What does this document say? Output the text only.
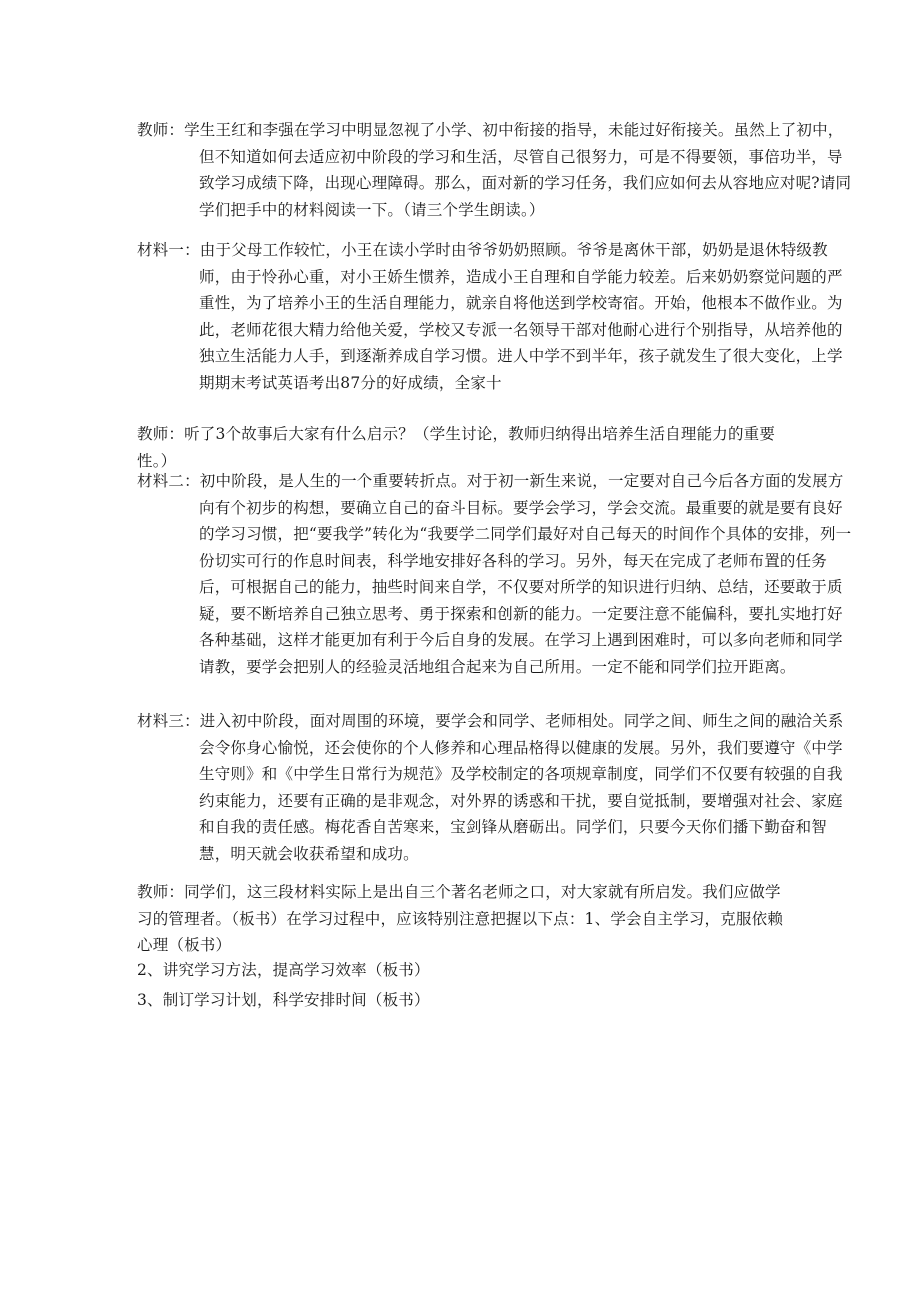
教师：学生王红和李强在学习中明显忽视了小学、初中衔接的指导，未能过好衔接关。虽然上了初中，但不知道如何去适应初中阶段的学习和生活，尽管自己很努力，可是不得要领，事倍功半，导致学习成绩下降，出现心理障碍。那么，面对新的学习任务，我们应如何去从容地应对呢?请同学们把手中的材料阅读一下。（请三个学生朗读。）

材料一：由于父母工作较忙，小王在读小学时由爷爷奶奶照顾。爷爷是离休干部，奶奶是退休特级教师，由于怜孙心重，对小王娇生惯养，造成小王自理和自学能力较差。后来奶奶察觉问题的严重性，为了培养小王的生活自理能力，就亲自将他送到学校寄宿。开始，他根本不做作业。为此，老师花很大精力给他关爱，学校又专派一名领导干部对他耐心进行个别指导，从培养他的独立生活能力人手，到逐渐养成自学习惯。进人中学不到半年，孩子就发生了很大变化，上学期期末考试英语考出87分的好成绩，全家十

教师：听了3个故事后大家有什么启示？（学生讨论，教师归纳得出培养生活自理能力的重要性。）

材料二：初中阶段，是人生的一个重要转折点。对于初一新生来说，一定要对自己今后各方面的发展方向有个初步的构想，要确立自己的奋斗目标。要学会学习，学会交流。最重要的就是要有良好的学习习惯，把“要我学”转化为“我要学二同学们最好对自己每天的时间作个具体的安排，列一份切实可行的作息时间表，科学地安排好各科的学习。另外，每天在完成了老师布置的任务后，可根据自己的能力，抽些时间来自学，不仅要对所学的知识进行归纳、总结，还要敢于质疑，要不断培养自己独立思考、勇于探索和创新的能力。一定要注意不能偏科，要扎实地打好各种基础，这样才能更加有利于今后自身的发展。在学习上遇到困难时，可以多向老师和同学请教，要学会把别人的经验灵活地组合起来为自己所用。一定不能和同学们拉开距离。

材料三：进入初中阶段，面对周围的环境，要学会和同学、老师相处。同学之间、师生之间的融洽关系会令你身心愉悦，还会使你的个人修养和心理品格得以健康的发展。另外，我们要遵守《中学生守则》和《中学生日常行为规范》及学校制定的各项规章制度，同学们不仅要有较强的自我约束能力，还要有正确的是非观念，对外界的诱惑和干扰，要自觉抵制，要增强对社会、家庭和自我的责任感。梅花香自苦寒来，宝剑锋从磨砺出。同学们，只要今天你们播下勤奋和智慧，明天就会收获希望和成功。

教师：同学们，这三段材料实际上是出自三个著名老师之口，对大家就有所启发。我们应做学习的管理者。（板书）在学习过程中，应该特别注意把握以下点：1、学会自主学习，克服依赖心理（板书）

2、讲究学习方法，提高学习效率（板书）

3、制订学习计划，科学安排时间（板书）
